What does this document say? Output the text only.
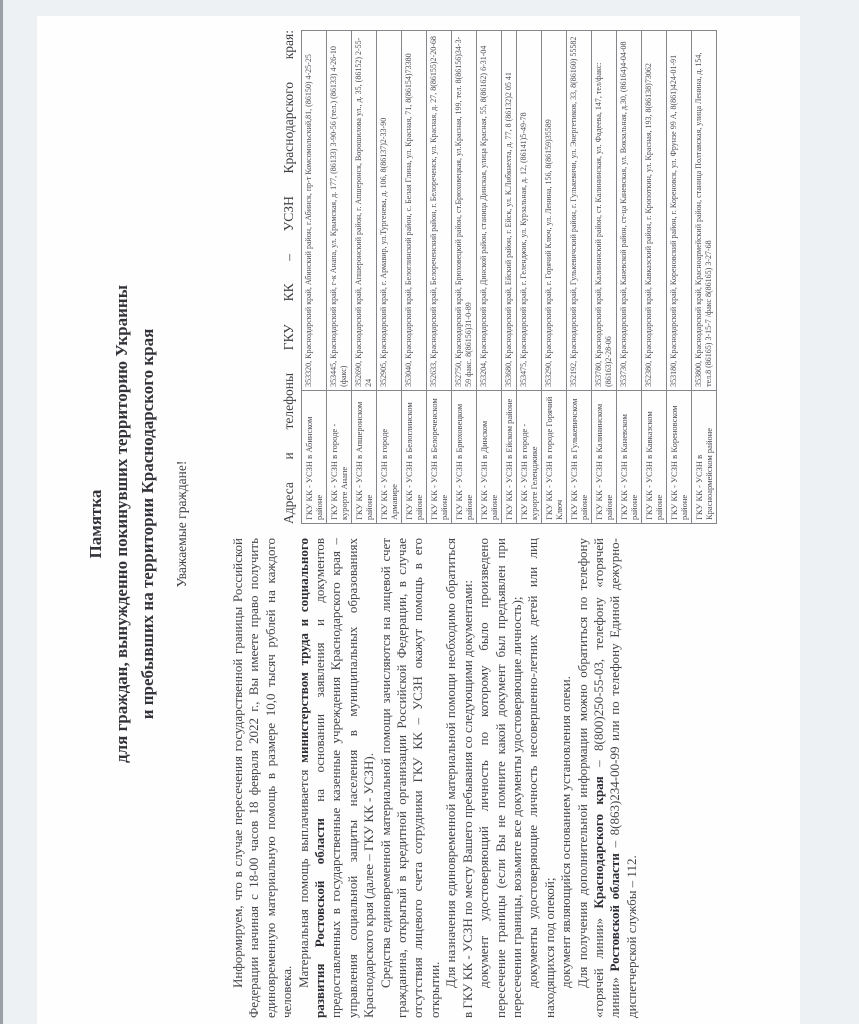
Памятка для граждан, вынужденно покинувших территорию Украины и пребывших на территории Краснодарского края Уважаемые граждане!

Информируем, что в случае пересечения государственной границы Российской Федерации начиная с 18-00 часов 18 февраля 2022 г., Вы имеете право получить единовременную материальную помощь в размере 10,0 тысяч рублей на каждого человека.

Материальная помощь выплачивается министерством труда и социального развития Ростовской области на основании заявления и документов предоставленных в государственные казенные учреждения Краснодарского края – управления социальной защиты населения в муниципальных образованиях Краснодарского края (далее – ГКУ КК - УСЗН). Средства единовременной материальной помощи зачисляются на лицевой счет гражданина, открытый в кредитной организации Российской Федерации, в случае отсутствия лицевого счета сотрудники ГКУ КК – УСЗН окажут помощь в его открытии.

Для назначения единовременной материальной помощи необходимо обратиться в ГКУ КК - УСЗН по месту Вашего пребывания со следующими документами: документ удостоверяющий личность по которому было произведено пересечение границы (если Вы не помните какой документ был предъявлен при пересечении границы, возьмите все документы удостоверяющие личность); документы удостоверяющие личность несовершенно-летних детей или лиц находящихся под опекой; документ являющийся основанием установления опеки. Для получения дополнительной информации можно обратиться по телефону «горячей линии» Краснодарского края – 8(800)250-55-03, телефону «горячей линии» Ростовской области – 8(863)234-00-99 или по телефону Единой дежурно-диспетчерской службы – 112.

Адреса и телефоны ГКУ КК – УСЗН Краснодарского края: ГКУ КК - УСЗН в Абинском районе	353320, Краснодарский край, Абинский район, г.Абинск, пр-т Комсомольский,81, (86150) 4-25-25
ГКУ КК - УСЗН в городе - курорте Анапе	353445, Краснодарский край, г-к Анапа, ул. Крымская, д. 177, (86133) 3-90-56 (тел.) (86133) 4-26-10 (факс)
ГКУ КК - УСЗН в Апшеронском районе	352690, Краснодарский край, Апшеронский район, г. Апшеронск, Ворошилова ул., д. 35, (86152) 2-55-24
ГКУ КК - УСЗН в городе Армавире	352905, Краснодарский край, г. Армавир, ул.Тургенева, д. 106, 8(86137)2-33-90
ГКУ КК - УСЗН в Белоглинском районе	353040, Краснодарский край, Белоглинский район, с. Белая Глина, ул. Красная, 71, 8(86154)73380
ГКУ КК - УСЗН в Белореченском районе	352633, Краснодарский край, Белореченский район, г. Белореченск, ул. Красная, д. 27, 8(86155)2-20-68
ГКУ КК - УСЗН в Брюховецком районе	352750, Краснодарский край, Брюховецкий район, ст.Брюховецкая, ул.Красная, 199, тел. 8(86156)34-3-59 факс. 8(86156)31-0-89
ГКУ КК - УСЗН в Динском районе	353204, Краснодарский край, Динской район, станица Динская, улица Красная, 55, 8(86162) 6-31-04
ГКУ КК - УСЗН в Ейском районе	353680, Краснодарский край, Ейский район, г. Ейск, ул. К.Либкнехта, д. 77, 8 (86132)2 05 41
ГКУ КК - УСЗН в городе - курорте Геленджике	353475, Краснодарский край, г. Геленджик, ул. Курзальная, д. 12, (86141)5-49-78
ГКУ КК - УСЗН в городе Горячий Ключ	353290, Краснодарский край, г. Горячий Ключ, ул. Ленина, 156, 8(86159)35589
ГКУ КК - УСЗН в Гулькевичском районе	352192, Краснодарский край, Гулькевичский район, г. Гулькевичи, ул. Энергетиков, 33, 8(86160) 55582
ГКУ КК - УСЗН в Калининском районе	353780, Краснодарский край, Калининский район, ст. Калининская, ул. Фадеева, 147, тел/факс: (86163)2-28-06
ГКУ КК - УСЗН в Каневском районе	353730, Краснодарский край, Каневской район, ст-ца Каневская, ул. Вокзальная, д.30, (86164)4-04-08
ГКУ КК - УСЗН в Кавказском районе	352380, Краснодарский край, Кавказский район, г. Кропоткин, ул. Красная, 193, 8(86138)73062
ГКУ КК - УСЗН в Кореновском районе	353180, Краснодарский край, Кореновский район, г. Кореновск, ул. Фрунзе 99 А, 8(861)424-01-91
ГКУ КК - УСЗН в Красноармейском районе	353800, Краснодарский край, Красноармейский район, станица Полтавская, улица Ленина, д. 154, тел.8 (86165) 3-15-7 /факс 8(86165) 3-27-68
